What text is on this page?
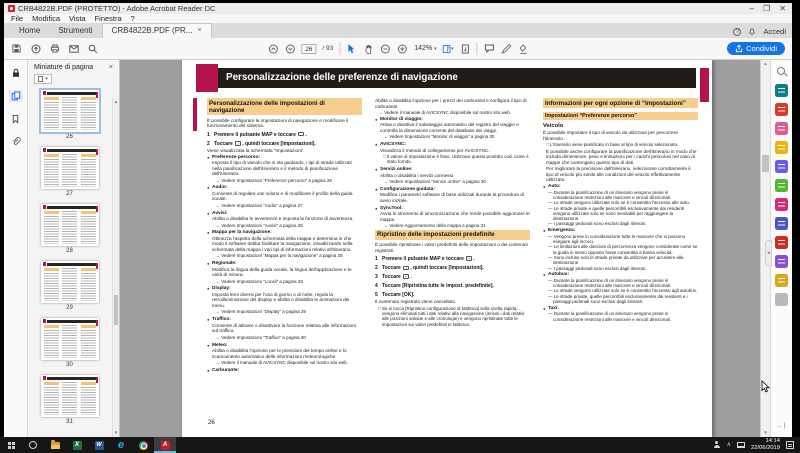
CRB4822B.PDF (PROTETTO) - Adobe Acrobat Reader DC	– ❐ ✕
File Modifica Vista Finestra ?
Home	Strumenti	CRB4822B.PDF (PR... ×	?	Accedi
26	/ 93	142% ▾	▾	Condividi
Miniature di pagina ×
▾
26
27
28
29
30
31
▴
▾
Personalizzazione delle preferenze di navigazione
Personalizzazione delle impostazioni di navigazione
È possibile configurare le impostazioni di navigazione e modificare il funzionamento del sistema.
1 Premere il pulsante MAP e toccare .
2 Toccare › , quindi toccare [Impostazioni].
Viene visualizzata la schermata “Impostazioni”.
● Preferenze percorso:
Imposta il tipo di veicolo che si sta guidando, i tipi di strade utilizzati nella pianificazione dell'itinerario e il metodo di pianificazione dell'itinerario.
→ Vedere Impostazioni “Preferenze percorso” a pagina 26
● Audio:
Consente di regolare vari volumi e di modificare il profilo della guida vocale.
→ Vedere Impostazioni “Audio” a pagina 27
● Avvisi:
Abilita o disabilita le avvertenze e imposta la funzione di avvertenza.
→ Vedere Impostazioni “Avvisi” a pagina 28
● Mappa per la navigazione:
Ottimizza l'aspetto della schermata della mappa e determina in che modo il software debba facilitare la navigazione, visualizzando nella schermata della mappa i vari tipi di informazioni relativi all'itinerario.
→ Vedere Impostazioni “Mappa per la navigazione” a pagina 28
● Regionale:
Modifica la lingua della guida vocale, la lingua dell'applicazione e le unità di misura.
→ Vedere Impostazioni “Locali” a pagina 29
● Display:
Imposta temi diversi per l'uso di giorno o di notte, regola la retroilluminazione del display e abilita o disabilita le animazioni dei menu.
→ Vedere Impostazioni “Display” a pagina 29
● Traffico:
Consente di attivare o disattivare la funzione relativa alle informazioni sul traffico.
→ Vedere Impostazioni “Traffico” a pagina 30
● Meteo:
Abilita o disabilita l'opzione per le previsioni del tempo online e lo scaricamento automatico delle informazioni meteorologiche.
→ Vedere il manuale di AVICSYNC disponibile sul nostro sito web.
● Carburante:
Abilita o disabilita l'opzione per i prezzi dei carburanti e configura il tipo di carburante
→ Vedere il manuale di AVICSYNC disponibile sul nostro sito web.
● Monitor di viaggio:
Attiva o disattiva il salvataggio automatico del registro del viaggio e controlla la dimensione corrente del database dei viaggi.
→ Vedere Impostazioni “Monitor di viaggio” a pagina 30
● AVICSYNC:
Visualizza il metodo di collegamento per AVICSYNC.
□ Il valore di impostazione è fisso. Utilizzare questo prodotto così come è stato fornito.
● Servizi online:
Abilita o disabilita i servizi connessi.
→ Vedere Impostazioni “Servizi online” a pagina 30
● Configurazione guidata:
Modifica i parametri software di base utilizzati durante la procedura di avvio iniziale.
● SyncTool:
Avvia lo strumento di sincronizzazione che rende possibile aggiornare le mappe.
→ Vedere Aggiornamento della mappa a pagina 31
Ripristino delle impostazioni predefinite
È possibile ripristinare i valori predefiniti delle impostazioni o dei contenuti registrati.
1 Premere il pulsante MAP e toccare .
2 Toccare › , quindi toccare [Impostazioni].
3 Toccare .
4 Toccare [Ripristina tutte le impost. predefinite].
5 Toccare [OK].
Il contenuto registrato viene cancellato.
□ Se si tocca [Ripristino configurazione di fabbrica] sulla scelta rapida, vengono eliminati tutti i dati relativi alla navigazione (inclusi i dati relativi alle posizioni salvate e alle cronologie) e vengono ripristinate tutte le impostazioni sui valori predefiniti in fabbrica.
Informazioni per ogni opzione di “Impostazioni”
Impostazioni “Preferenze percorso”
Veicolo
È possibile impostare il tipo di veicolo da utilizzare per percorrere l'itinerario.
□ L'itinerario viene pianificato in base al tipo di veicolo selezionato.
È possibile anche configurare la pianificazione dell'itinerario in modo che includa dimensione, peso e limitazioni per i carichi pericolosi nel caso di mappe che contengano questo tipo di dati.
Per migliorare la precisione dell'itinerario, selezionare correttamente il tipo di veicolo più simile alle condizioni del veicolo effettivamente utilizzato.
● Auto:
— Durante la pianificazione di un itinerario vengono prese in considerazione restrizioni alle manovre e vincoli direzionali.
— Le strade vengono utilizzate solo se è consentito l'accesso alle auto.
— Le strade private e quelle percorribili esclusivamente dai residenti vengono utilizzate solo se sono inevitabili per raggiungere la destinazione.
— I passaggi pedonali sono esclusi dagli itinerari.
● Emergenza:
— Vengono prese in considerazione tutte le manovre che si possono eseguire agli incroci.
— Le limitazioni alle direzioni di percorrenza vengono considerate come se la guida in senso opposto fosse consentita a bassa velocità.
— Sono incluse solo le strade private da utilizzare per accedere alla destinazione.
— I passaggi pedonali sono esclusi dagli itinerari.
● Autobus:
— Durante la pianificazione di un itinerario vengono prese in considerazione restrizioni alle manovre e vincoli direzionali.
— Le strade vengono utilizzate solo se è consentito l'accesso agli autobus.
— Le strade private, quelle percorribili esclusivamente dai residenti e i passaggi pedonali sono esclusi dagli itinerari.
● Taxi:
— Durante la pianificazione di un itinerario vengono prese in considerazione restrizioni alle manovre e vincoli direzionali.
26
▴
▾
◂
→❘
X
W
e
A
∧
14:14
22/06/2019
